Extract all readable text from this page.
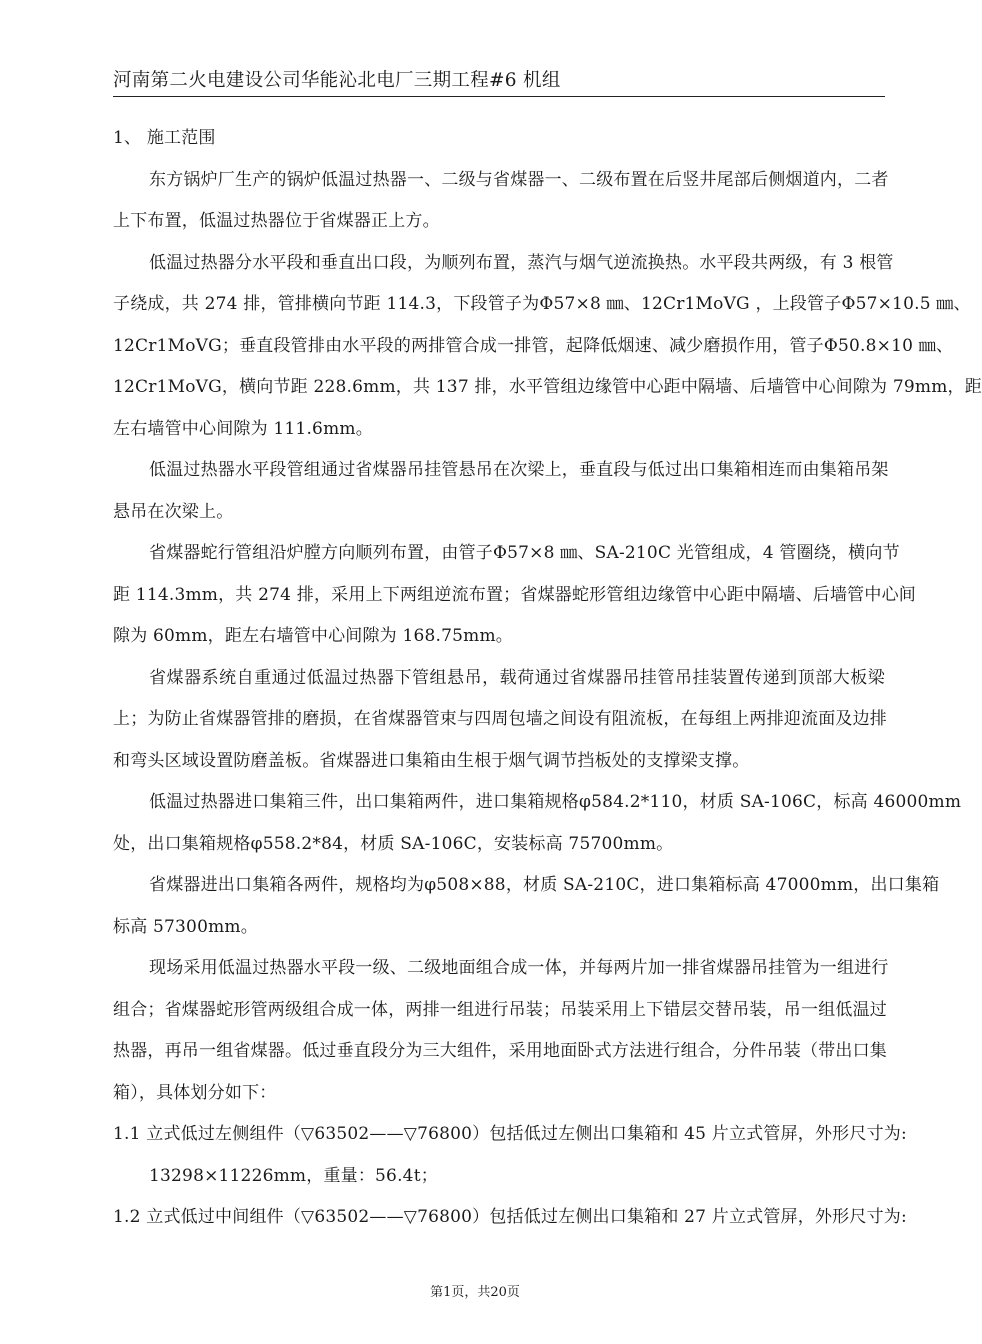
河南第二火电建设公司华能沁北电厂三期工程#6 机组
1、 施工范围
东方锅炉厂生产的锅炉低温过热器一、二级与省煤器一、二级布置在后竖井尾部后侧烟道内，二者
上下布置，低温过热器位于省煤器正上方。
低温过热器分水平段和垂直出口段，为顺列布置，蒸汽与烟气逆流换热。水平段共两级，有 3 根管
子绕成，共 274 排，管排横向节距 114.3，下段管子为Φ57×8 ㎜、12Cr1MoVG ，上段管子Φ57×10.5 ㎜、
12Cr1MoVG；垂直段管排由水平段的两排管合成一排管，起降低烟速、减少磨损作用，管子Φ50.8×10 ㎜、
12Cr1MoVG，横向节距 228.6mm，共 137 排，水平管组边缘管中心距中隔墙、后墙管中心间隙为 79mm，距
左右墙管中心间隙为 111.6mm。
低温过热器水平段管组通过省煤器吊挂管悬吊在次梁上，垂直段与低过出口集箱相连而由集箱吊架
悬吊在次梁上。
省煤器蛇行管组沿炉膛方向顺列布置，由管子Φ57×8 ㎜、SA-210C 光管组成，4 管圈绕，横向节
距 114.3mm，共 274 排，采用上下两组逆流布置；省煤器蛇形管组边缘管中心距中隔墙、后墙管中心间
隙为 60mm，距左右墙管中心间隙为 168.75mm。
省煤器系统自重通过低温过热器下管组悬吊，载荷通过省煤器吊挂管吊挂装置传递到顶部大板梁
上；为防止省煤器管排的磨损，在省煤器管束与四周包墙之间设有阻流板，在每组上两排迎流面及边排
和弯头区域设置防磨盖板。省煤器进口集箱由生根于烟气调节挡板处的支撑梁支撑。
低温过热器进口集箱三件，出口集箱两件，进口集箱规格φ584.2*110，材质 SA-106C，标高 46000mm
处，出口集箱规格φ558.2*84，材质 SA-106C，安装标高 75700mm。
省煤器进出口集箱各两件，规格均为φ508×88，材质 SA-210C，进口集箱标高 47000mm，出口集箱
标高 57300mm。
现场采用低温过热器水平段一级、二级地面组合成一体，并每两片加一排省煤器吊挂管为一组进行
组合；省煤器蛇形管两级组合成一体，两排一组进行吊装；吊装采用上下错层交替吊装，吊一组低温过
热器，再吊一组省煤器。低过垂直段分为三大组件，采用地面卧式方法进行组合，分件吊装（带出口集
箱），具体划分如下：
1.1 立式低过左侧组件（▽63502——▽76800）包括低过左侧出口集箱和 45 片立式管屏，外形尺寸为:
13298×11226mm，重量：56.4t；
1.2 立式低过中间组件（▽63502——▽76800）包括低过左侧出口集箱和 27 片立式管屏，外形尺寸为:
第1页，共20页
